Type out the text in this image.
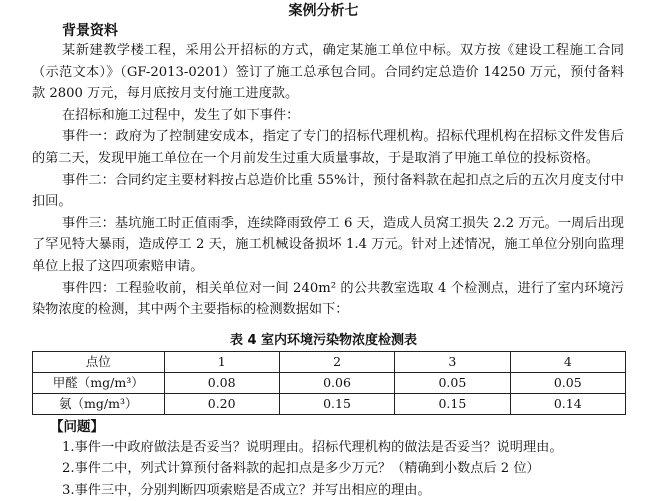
案例分析七
背景资料

某新建教学楼工程，采用公开招标的方式，确定某施工单位中标。双方按《建设工程施工合同（示范文本）》（GF-2013-0201）签订了施工总承包合同。合同约定总造价 14250 万元，预付备料款 2800 万元，每月底按月支付施工进度款。

在招标和施工过程中，发生了如下事件：

事件一：政府为了控制建安成本，指定了专门的招标代理机构。招标代理机构在招标文件发售后的第二天，发现甲施工单位在一个月前发生过重大质量事故，于是取消了甲施工单位的投标资格。

事件二：合同约定主要材料按占总造价比重 55%计，预付备料款在起扣点之后的五次月度支付中扣回。

事件三：基坑施工时正值雨季，连续降雨致停工 6 天，造成人员窝工损失 2.2 万元。一周后出现了罕见特大暴雨，造成停工 2 天，施工机械设备损坏 1.4 万元。针对上述情况，施工单位分别向监理单位上报了这四项索赔申请。

事件四：工程验收前，相关单位对一间 240m² 的公共教室选取 4 个检测点，进行了室内环境污染物浓度的检测，其中两个主要指标的检测数据如下：

表 4 室内环境污染物浓度检测表
点位	1	2	3	4
甲醛（mg/m³）	0.08	0.06	0.05	0.05
氨（mg/m³）	0.20	0.15	0.15	0.14
【问题】
1.事件一中政府做法是否妥当？说明理由。招标代理机构的做法是否妥当？说明理由。
2.事件二中，列式计算预付备料款的起扣点是多少万元？（精确到小数点后 2 位）
3.事件三中，分别判断四项索赔是否成立？并写出相应的理由。
